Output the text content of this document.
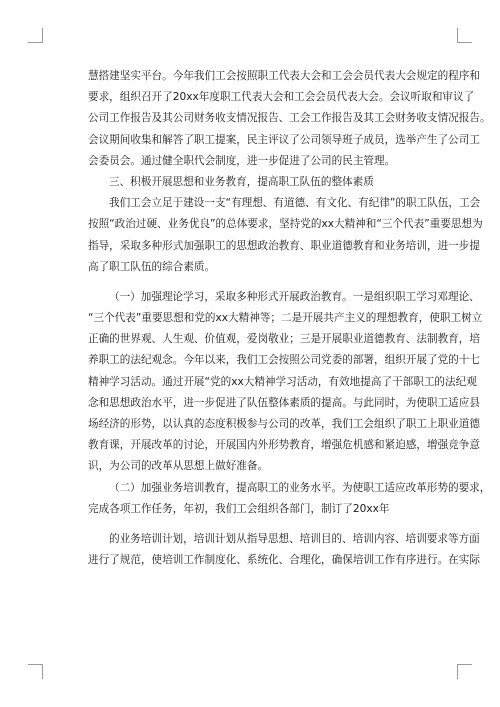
慧搭建坚实平台。今年我们工会按照职工代表大会和工会会员代表大会规定的程序和
要求，组织召开了20xx年度职工代表大会和工会会员代表大会。会议听取和审议了
公司工作报告及其公司财务收支情况报告、工会工作报告及其工会财务收支情况报告。
会议期间收集和解答了职工提案，民主评议了公司领导班子成员，选举产生了公司工
会委员会。通过健全职代会制度，进一步促进了公司的民主管理。
三、积极开展思想和业务教育，提高职工队伍的整体素质
我们工会立足于建设一支“有理想、有道德、有文化、有纪律”的职工队伍，工会
按照“政治过硬、业务优良”的总体要求，坚持党的xx大精神和“三个代表”重要思想为
指导，采取多种形式加强职工的思想政治教育、职业道德教育和业务培训，进一步提
高了职工队伍的综合素质。
（一）加强理论学习，采取多种形式开展政治教育。一是组织职工学习邓理论、
“三个代表”重要思想和党的xx大精神等；二是开展共产主义的理想教育，使职工树立
正确的世界观、人生观、价值观，爱岗敬业；三是开展职业道德教育、法制教育，培
养职工的法纪观念。今年以来，我们工会按照公司党委的部署，组织开展了党的十七
精神学习活动。通过开展“党的xx大精神学习活动，有效地提高了干部职工的法纪观
念和思想政治水平，进一步促进了队伍整体素质的提高。与此同时，为使职工适应县
场经济的形势，以认真的态度积极参与公司的改革，我们工会组织了职工上职业道德
教育课，开展改革的讨论，开展国内外形势教育，增强危机感和紧迫感，增强竞争意
识，为公司的改革从思想上做好准备。
（二）加强业务培训教育，提高职工的业务水平。为使职工适应改革形势的要求，
完成各项工作任务，年初，我们工会组织各部门，制订了20xx年
的业务培训计划，培训计划从指导思想、培训目的、培训内容、培训要求等方面
进行了规范，使培训工作制度化、系统化、合理化，确保培训工作有序进行。在实际
